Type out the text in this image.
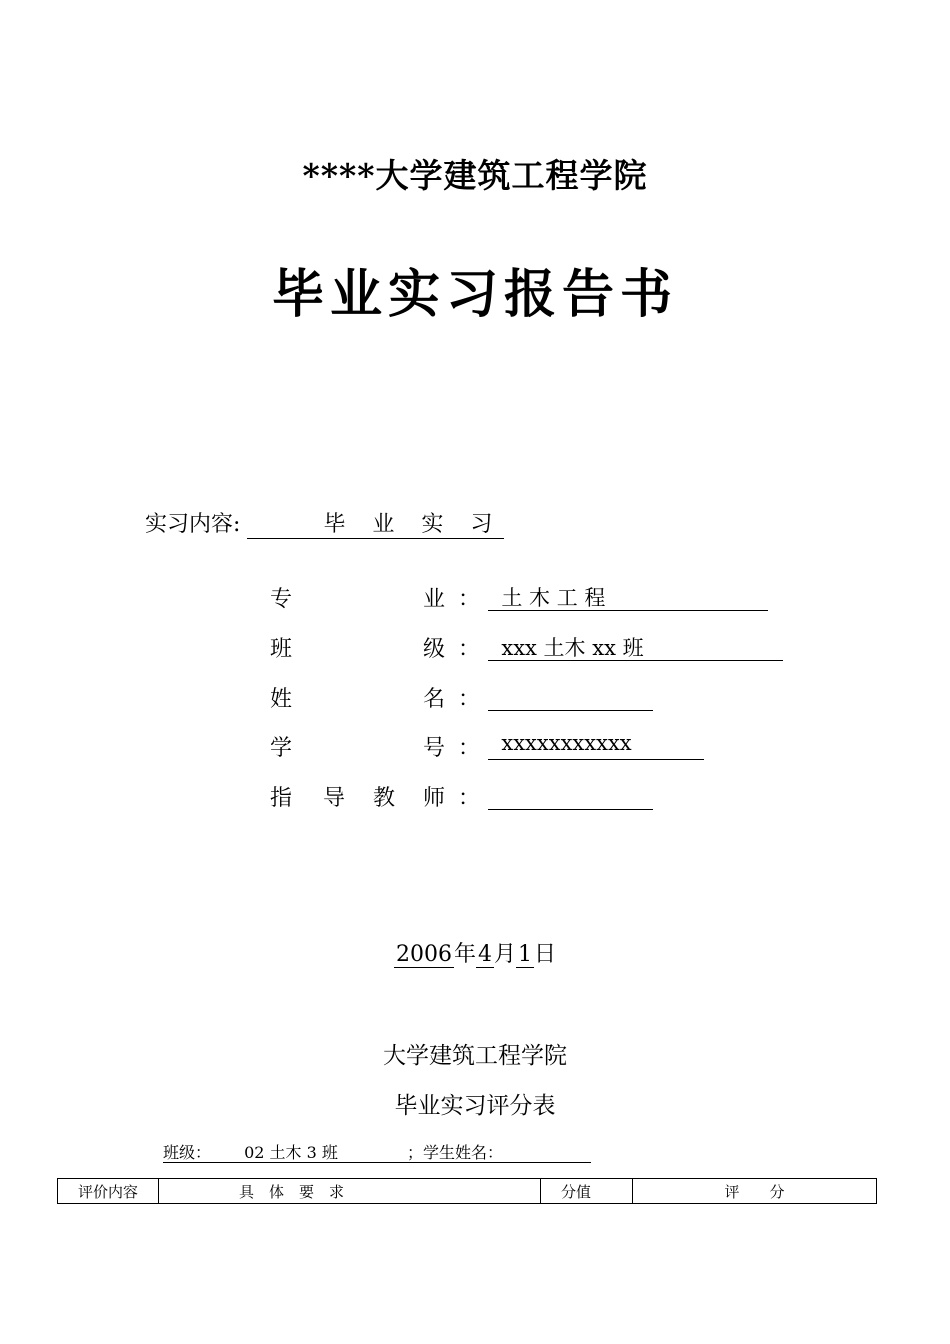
****大学建筑工程学院
毕业实习报告书
实习内容:	毕 业 实 习
专	业 ： 土 木 工 程
班	级 ： xxx 土木 xx 班
姓	名 ：

学	号 ： xxxxxxxxxxx
指 导 教 师 ：

2006年4月1日
大学建筑工程学院
毕业实习评分表
班级： 02 土木 3 班	；学生姓名：
评价内容	具　体　要　求	分值	评　　分
